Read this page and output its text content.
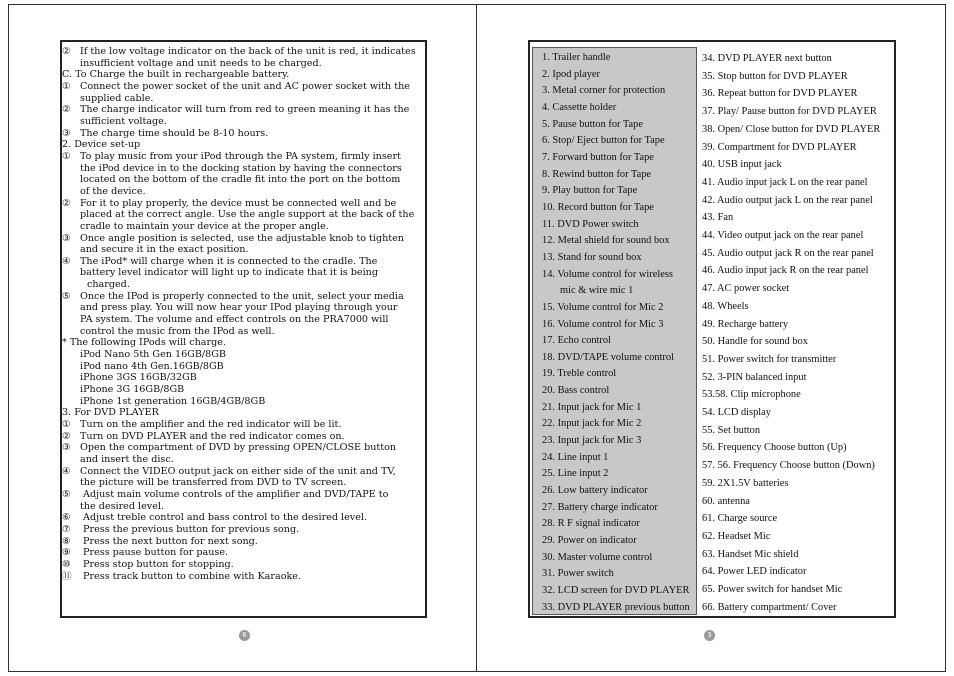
② If the low voltage indicator on the back of the unit is red, it indicates
insufficient voltage and unit needs to be charged.
C. To Charge the built in rechargeable battery.
① Connect the power socket of the unit and AC power socket with the
supplied cable.
② The charge indicator will turn from red to green meaning it has the
sufficient voltage.
③ The charge time should be 8-10 hours.
2. Device set-up
① To play music from your iPod through the PA system, firmly insert
the iPod device in to the docking station by having the connectors
located on the bottom of the cradle fit into the port on the bottom
of the device.
② For it to play properly, the device must be connected well and be
placed at the correct angle. Use the angle support at the back of the
cradle to maintain your device at the proper angle.
③ Once angle position is selected, use the adjustable knob to tighten
and secure it in the exact position.
④ The iPod* will charge when it is connected to the cradle. The
battery level indicator will light up to indicate that it is being
charged.
⑤ Once the IPod is properly connected to the unit, select your media
and press play. You will now hear your IPod playing through your
PA system. The volume and effect controls on the PRA7000 will
control the music from the IPod as well.
* The following IPods will charge.
iPod Nano 5th Gen 16GB/8GB
iPod nano 4th Gen.16GB/8GB
iPhone 3GS 16GB/32GB
iPhone 3G 16GB/8GB
iPhone 1st generation 16GB/4GB/8GB
3. For DVD PLAYER
① Turn on the amplifier and the red indicator will be lit.
② Turn on DVD PLAYER and the red indicator comes on.
③ Open the compartment of DVD by pressing OPEN/CLOSE button
and insert the disc.
④ Connect the VIDEO output jack on either side of the unit and TV,
the picture will be transferred from DVD to TV screen.
⑤ Adjust main volume controls of the amplifier and DVD/TAPE to
the desired level.
⑥ Adjust treble control and bass control to the desired level.
⑦ Press the previous button for previous song.
⑧ Press the next button for next song.
⑨ Press pause button for pause.
⑩ Press stop button for stopping.
⑪ Press track button to combine with Karaoke.
6
1. Trailer handle
2. Ipod player
3. Metal corner for protection
4. Cassette holder
5. Pause button for Tape
6. Stop/ Eject button for Tape
7. Forward button for Tape
8. Rewind button for Tape
9. Play button for Tape
10. Record button for Tape
11. DVD Power switch
12. Metal shield for sound box
13. Stand for sound box
14. Volume control for wireless
mic & wire mic 1
15. Volume control for Mic 2
16. Volume control for Mic 3
17. Echo control
18. DVD/TAPE volume control
19. Treble control
20. Bass control
21. Input jack for Mic 1
22. Input jack for Mic 2
23. Input jack for Mic 3
24. Line input 1
25. Line input 2
26. Low battery indicator
27. Battery charge indicator
28. R F signal indicator
29. Power on indicator
30. Master volume control
31. Power switch
32. LCD screen for DVD PLAYER
33. DVD PLAYER previous button
34. DVD PLAYER next button
35. Stop button for DVD PLAYER
36. Repeat button for DVD PLAYER
37. Play/ Pause button for DVD PLAYER
38. Open/ Close button for DVD PLAYER
39. Compartment for DVD PLAYER
40. USB input jack
41. Audio input jack L on the rear panel
42. Audio output jack L on the rear panel
43. Fan
44. Video output jack on the rear panel
45. Audio output jack R on the rear panel
46. Audio input jack R on the rear panel
47. AC power socket
48. Wheels
49. Recharge battery
50. Handle for sound box
51. Power switch for transmitter
52. 3-PIN balanced input
53.58. Clip microphone
54. LCD display
55. Set button
56. Frequency Choose button (Up)
57. 56. Frequency Choose button (Down)
59. 2X1.5V batteries
60. antenna
61. Charge source
62. Headset Mic
63. Handset Mic shield
64. Power LED indicator
65. Power switch for handset Mic
66. Battery compartment/ Cover
3
